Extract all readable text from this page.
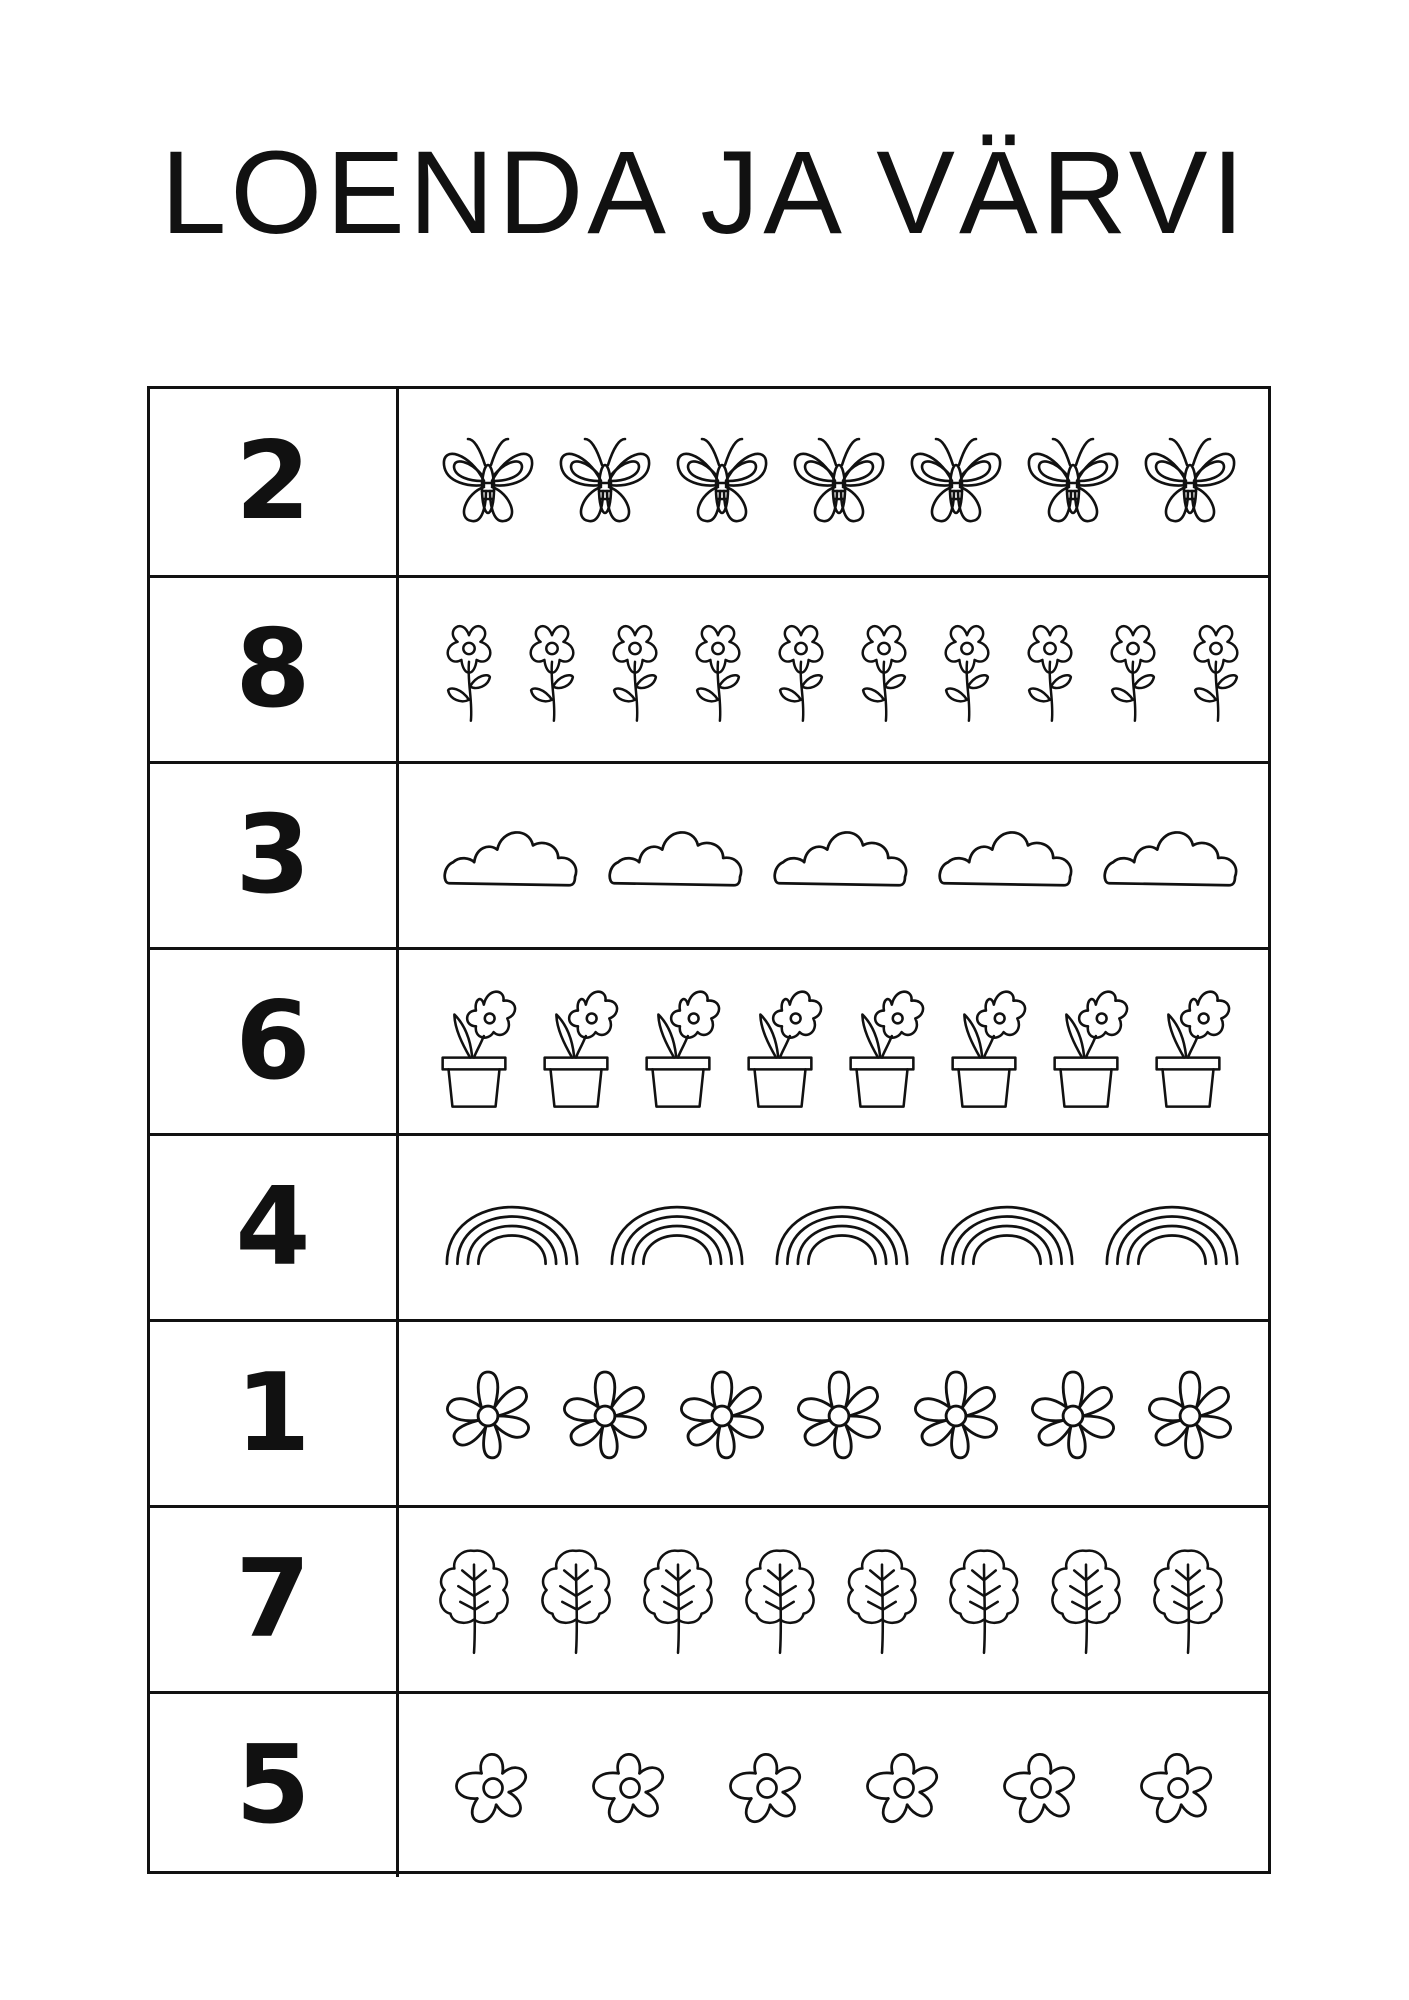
LOENDA JA VÄRVI
2
8
3
6
4
1
7
5
